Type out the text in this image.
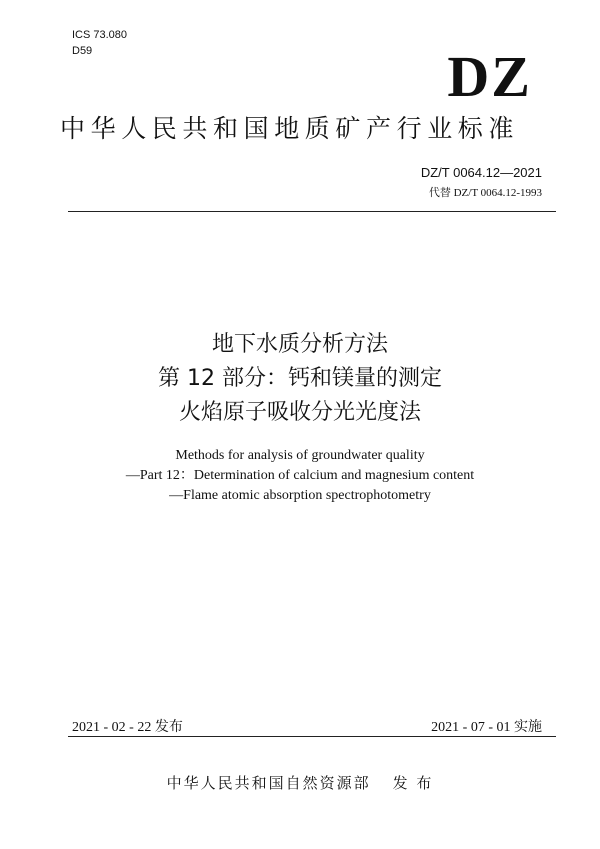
ICS 73.080
D59	DZ
中华人民共和国地质矿产行业标准
DZ/T 0064.12—2021
代替 DZ/T 0064.12-1993
地下水质分析方法
第 12 部分：钙和镁量的测定
火焰原子吸收分光光度法
Methods for analysis of groundwater quality
—Part 12：Determination of calcium and magnesium content
—Flame atomic absorption spectrophotometry
2021 - 02 - 22 发布	2021 - 07 - 01 实施
中华人民共和国自然资源部 发 布
